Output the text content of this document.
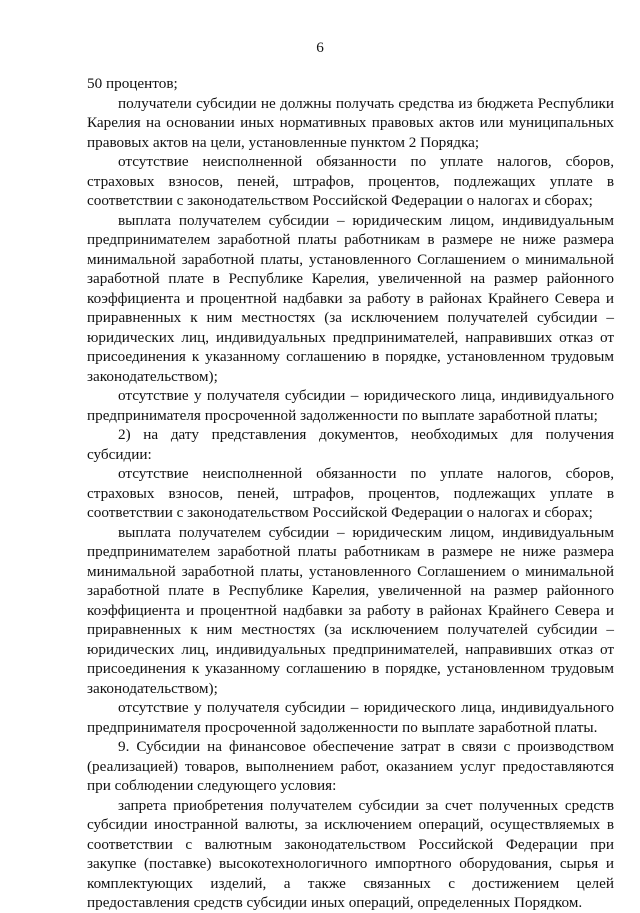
6

50 процентов;

получатели субсидии не должны получать средства из бюджета Республики Карелия на основании иных нормативных правовых актов или муниципальных правовых актов на цели, установленные пунктом 2 Порядка;

отсутствие неисполненной обязанности по уплате налогов, сборов, страховых взносов, пеней, штрафов, процентов, подлежащих уплате в соответствии с законодательством Российской Федерации о налогах и сборах;

выплата получателем субсидии – юридическим лицом, индивидуальным предпринимателем заработной платы работникам в размере не ниже размера минимальной заработной платы, установленного Соглашением о минимальной заработной плате в Республике Карелия, увеличенной на размер районного коэффициента и процентной надбавки за работу в районах Крайнего Севера и приравненных к ним местностях (за исключением получателей субсидии – юридических лиц, индивидуальных предпринимателей, направивших отказ от присоединения к указанному соглашению в порядке, установленном трудовым законодательством);

отсутствие у получателя субсидии – юридического лица, индивидуального предпринимателя просроченной задолженности по выплате заработной платы;

2) на дату представления документов, необходимых для получения субсидии:

отсутствие неисполненной обязанности по уплате налогов, сборов, страховых взносов, пеней, штрафов, процентов, подлежащих уплате в соответствии с законодательством Российской Федерации о налогах и сборах;

выплата получателем субсидии – юридическим лицом, индивидуальным предпринимателем заработной платы работникам в размере не ниже размера минимальной заработной платы, установленного Соглашением о минимальной заработной плате в Республике Карелия, увеличенной на размер районного коэффициента и процентной надбавки за работу в районах Крайнего Севера и приравненных к ним местностях (за исключением получателей субсидии – юридических лиц, индивидуальных предпринимателей, направивших отказ от присоединения к указанному соглашению в порядке, установленном трудовым законодательством);

отсутствие у получателя субсидии – юридического лица, индивидуального предпринимателя просроченной задолженности по выплате заработной платы.

9. Субсидии на финансовое обеспечение затрат в связи с производством (реализацией) товаров, выполнением работ, оказанием услуг предоставляются при соблюдении следующего условия:

запрета приобретения получателем субсидии за счет полученных средств субсидии иностранной валюты, за исключением операций, осуществляемых в соответствии с валютным законодательством Российской Федерации при закупке (поставке) высокотехнологичного импортного оборудования, сырья и комплектующих изделий, а также связанных с достижением целей предоставления средств субсидии иных операций, определенных Порядком.
